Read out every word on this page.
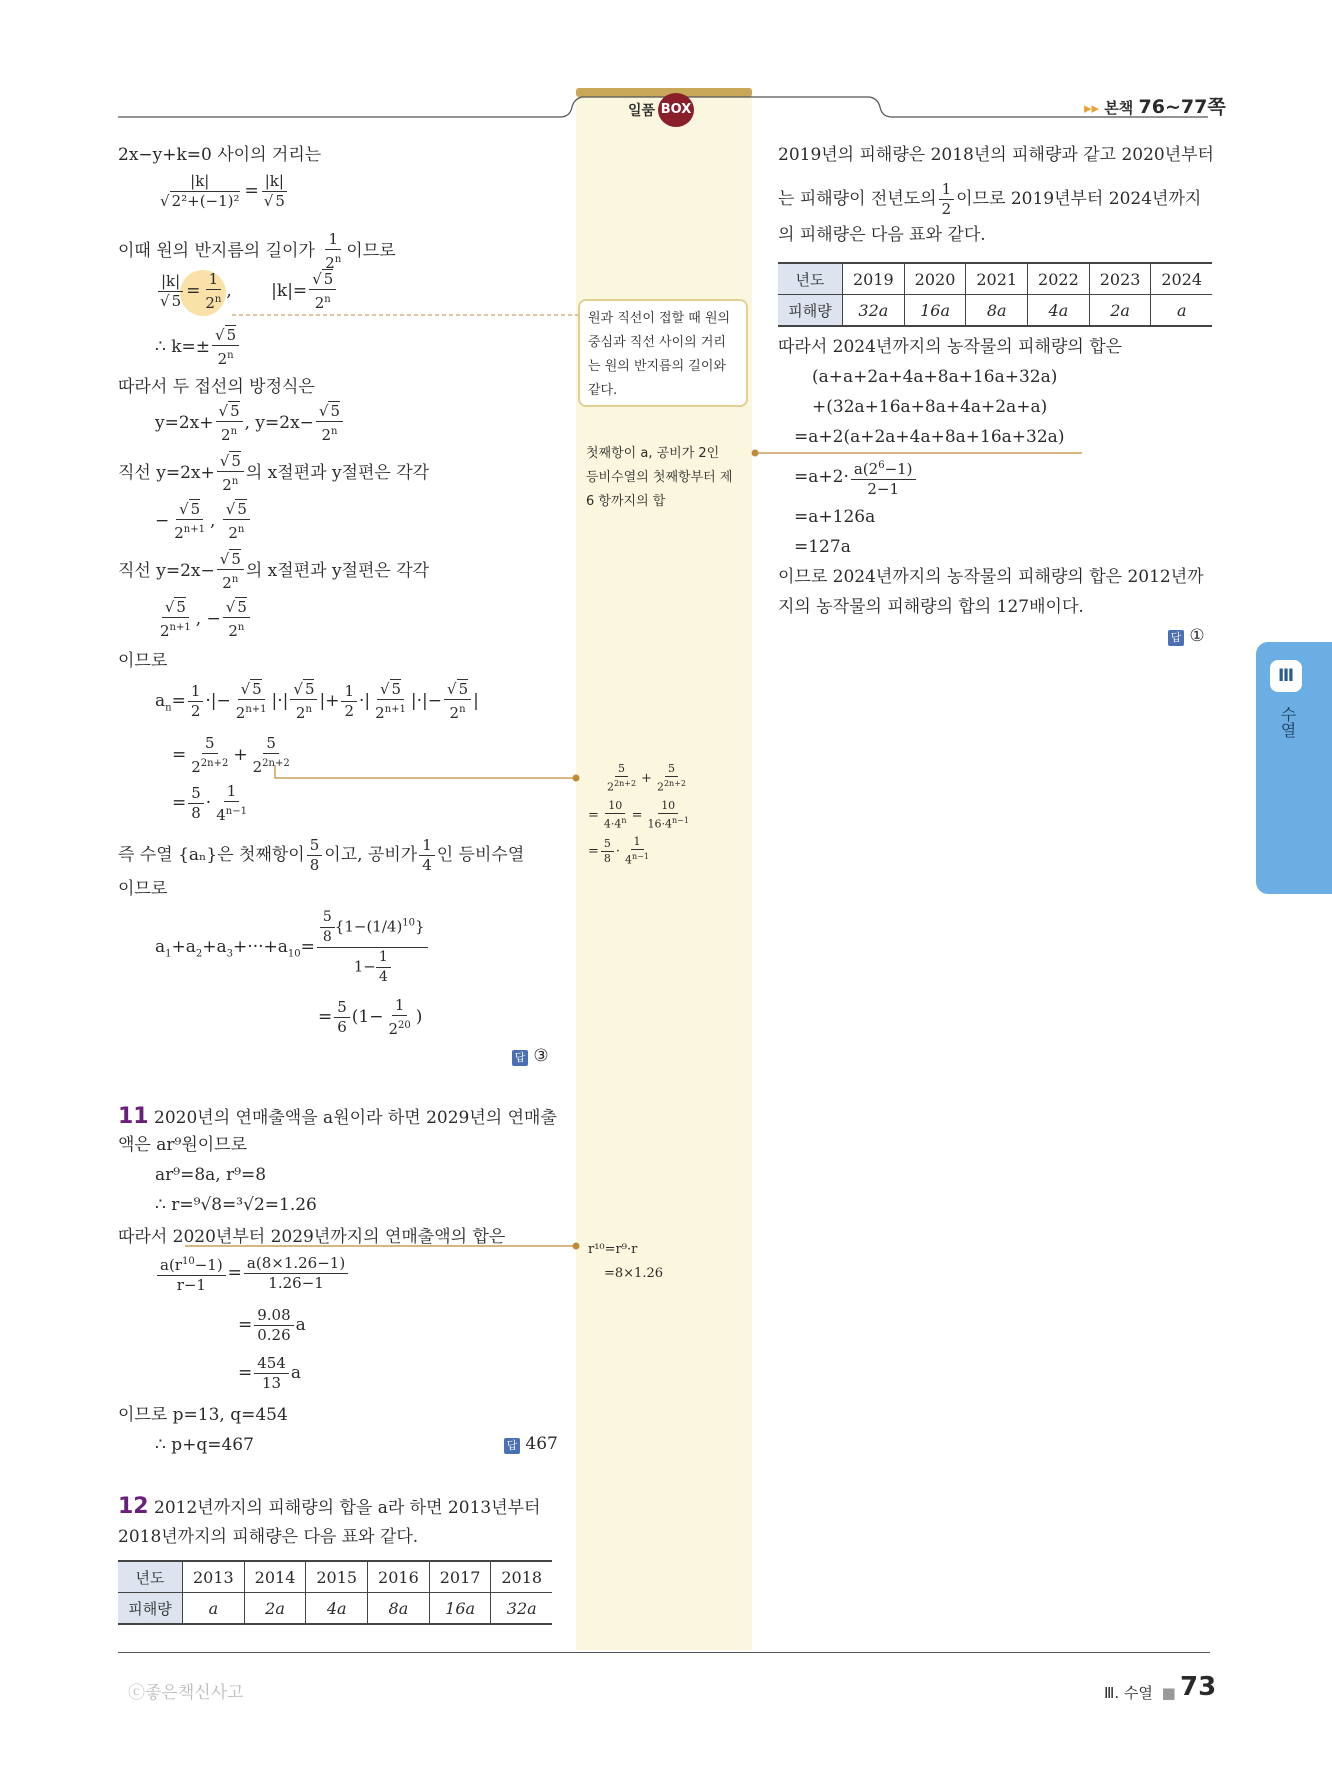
일품 BOX	▸▸ 본책 76~77쪽
2x−y+k=0 사이의 거리는
$\frac{|k|}{\text{√ 2²+(−1)²}} = \frac{|k|}{√ 5}$
이때 원의 반지름의 길이가 $\frac{1}{2^n}$ 이므로
$\frac{|k|}{√ 5} = \frac{1}{2^n}$ , $|k|= \frac{√ 5}{2^n}$
∴ $k=\pm \frac{√ 5}{2^n}$
따라서 두 접선의 방정식은
$y=2x+ \frac{√ 5}{2^n}$ , $y=2x- \frac{√ 5}{2^n}$
직선 $y=2x+ \frac{√ 5}{2^n}$ 의 x절편과 y절편은 각각
− $\frac{√ 5}{2^{n+1}}$ , $\frac{√ 5}{2^n}$
직선 $y=2x- \frac{√ 5}{2^n}$ 의 x절편과 y절편은 각각
$\frac{√ 5}{2^{n+1}}$ , − $\frac{√ 5}{2^n}$
이므로
$a_n= \frac{1}{2}$ ·|− $\frac{√ 5}{2^{n+1}}$ |·| $\frac{√ 5}{2^n}$ |+ $\frac{1}{2}$ ·| $\frac{√ 5}{2^{n+1}}$ |·|− $\frac{√ 5}{2^n}$ |
= $\frac{5}{2^{2n+2}} + \frac{5}{2^{2n+2}}$
= $\frac{5}{8} \cdot \frac{1}{4^{n-1}}$
즉 수열 {aₙ}은 첫째항이 $\frac{5}{8}$ 이고, 공비가 $\frac{1}{4}$ 인 등비수열
이므로
$a_1+a_2+a_3+\cdot\cdot\cdot+a_{10}= \frac{\frac{5}{8} \{1-(1/4)^{10}\}}{1- \frac{1}{4}}$
= $\frac{5}{6} (1- \frac{1}{2^{20}}$ )
답 ③
11 2020년의 연매출액을 a원이라 하면 2029년의 연매출
액은 ar⁹원이므로
ar⁹=8a, r⁹=8
∴ r=⁹√8=³√2=1.26
따라서 2020년부터 2029년까지의 연매출액의 합은
$\frac{a(r^{10}-1)}{r-1} = \frac{a(8\times 1.26-1)}{1.26-1}$
= $\frac{9.08}{0.26}$ a
= $\frac{454}{13}$ a
이므로 p=13, q=454
∴ p+q=467	답 467
12 2012년까지의 피해량의 합을 a라 하면 2013년부터
2018년까지의 피해량은 다음 표와 같다.
년도	2013	2014	2015	2016	2017	2018
피해량	a	2a	4a	8a	16a	32a
원과 직선이 접할 때 원의
중심과 직선 사이의 거리
는 원의 반지름의 길이와
같다.
첫째항이 a, 공비가 2인
등비수열의 첫째항부터 제
6 항까지의 합
$\frac{5}{2^{2n+2}} + \frac{5}{2^{2n+2}}$
= $\frac{10}{4\cdot 4^n} = \frac{10}{16\cdot 4^{n-1}}$
= $\frac{5}{8} \cdot \frac{1}{4^{n-1}}$
r¹⁰=r⁹·r
=8×1.26
2019년의 피해량은 2018년의 피해량과 같고 2020년부터
는 피해량이 전년도의 $\frac{1}{2}$ 이므로 2019년부터 2024년까지
의 피해량은 다음 표와 같다.
년도	2019	2020	2021	2022	2023	2024
피해량	32a	16a	8a	4a	2a	a
따라서 2024년까지의 농작물의 피해량의 합은
(a+a+2a+4a+8a+16a+32a)
+(32a+16a+8a+4a+2a+a)
=a+2(a+2a+4a+8a+16a+32a)
$=a+2\cdot \frac{a(2^6-1)}{2-1}$
=a+126a
=127a
이므로 2024년까지의 농작물의 피해량의 합은 2012년까
지의 농작물의 피해량의 합의 127배이다.
답 ①
Ⅲ
수열
ⓒ좋은책신사고	Ⅲ. 수열 ■ 73
